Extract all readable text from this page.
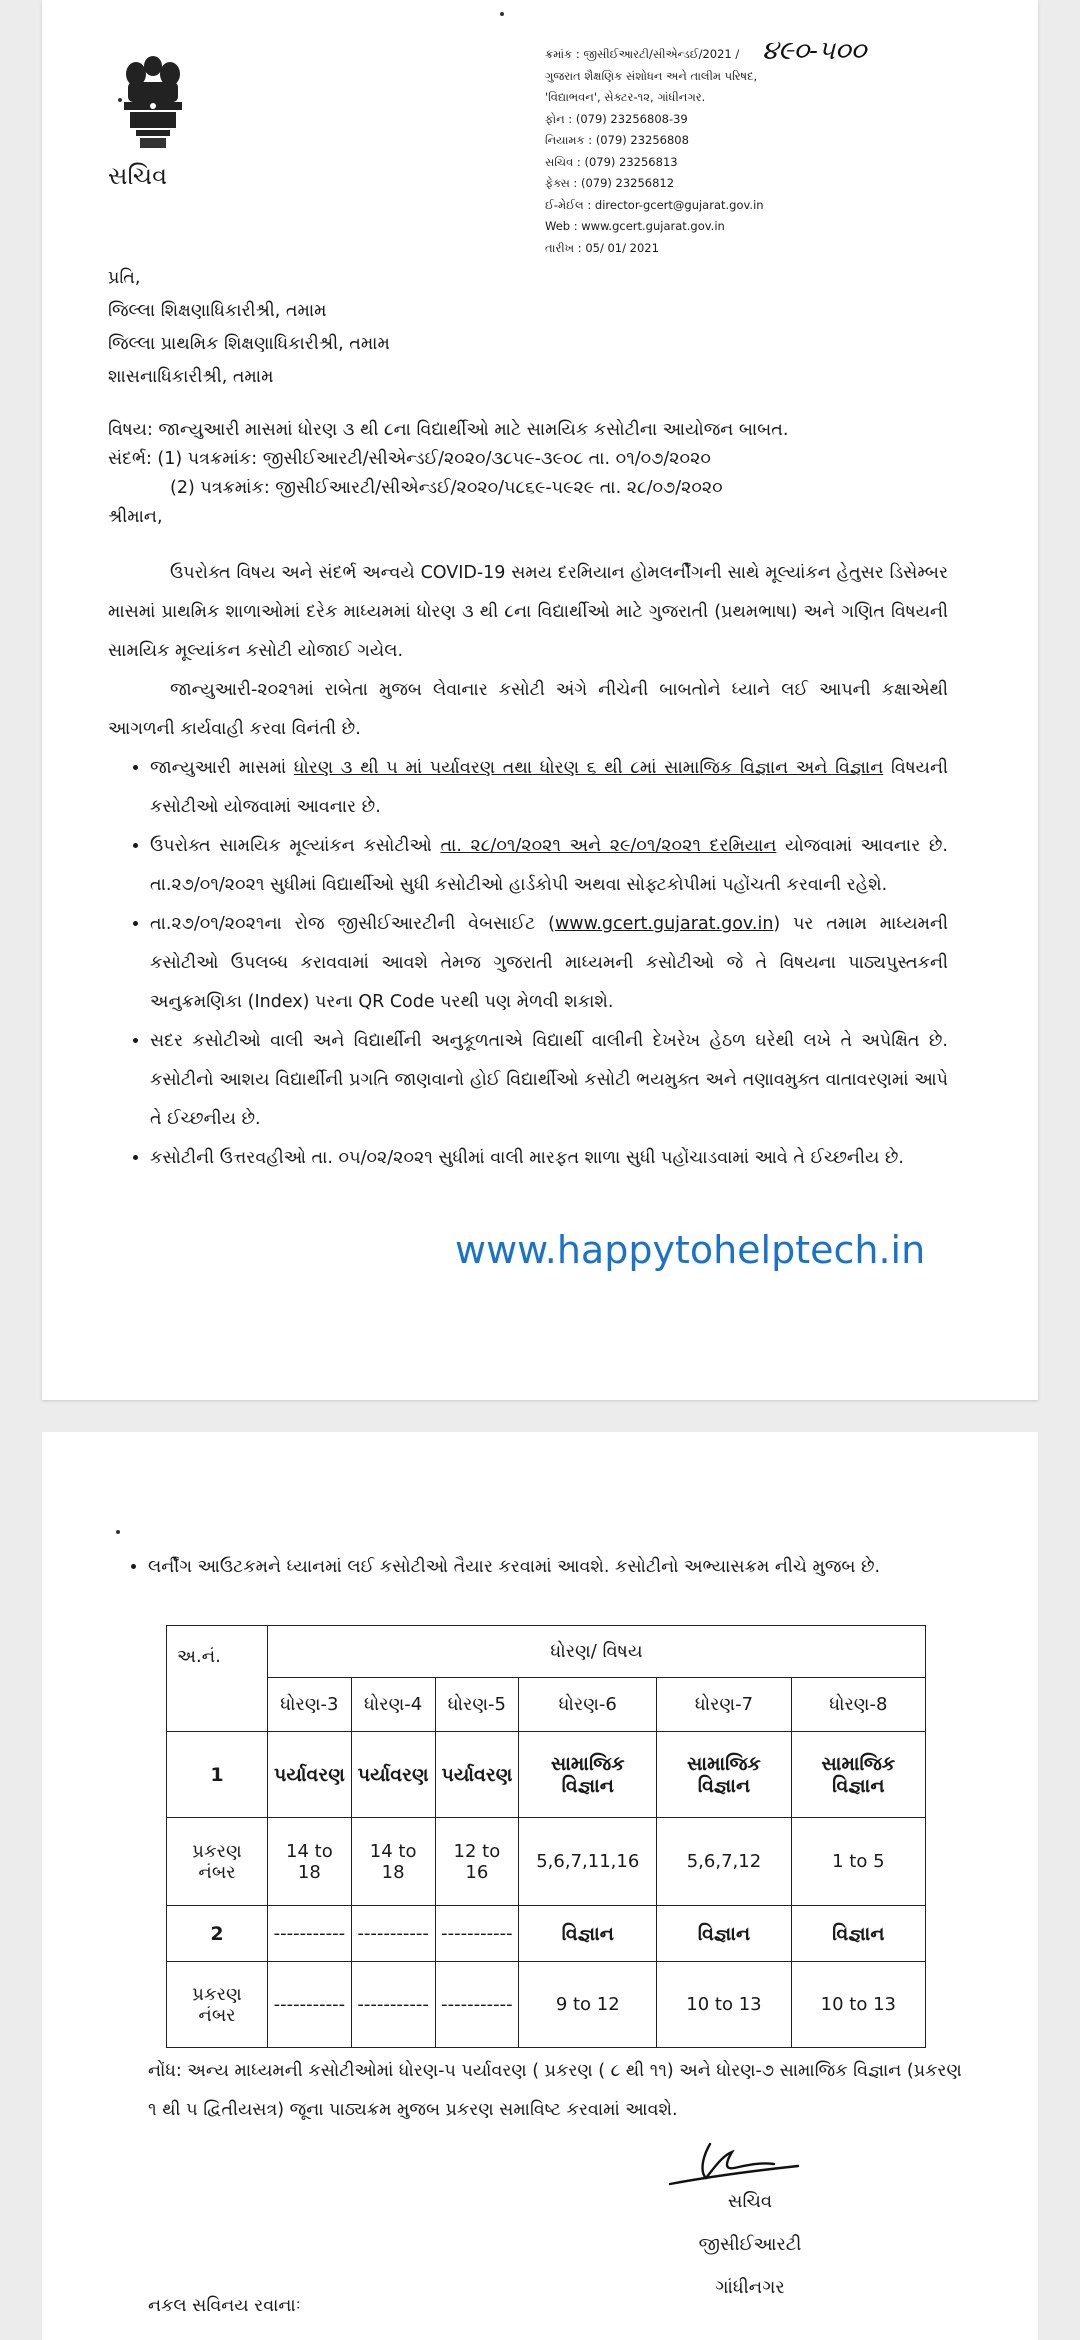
સચિવ
ક્રમાંક : જીસીઈઆરટી/સીએન્ડઈ/2021 /
ગુજરાત શૈક્ષણિક સંશોધન અને તાલીમ પરિષદ,
'વિદ્યાભવન', સેક્ટર-૧૨, ગાંધીનગર.
ફોન : (079) 23256808-39
નિયામક : (079) 23256808
સચિવ : (079) 23256813
ફેક્સ : (079) 23256812
ઈ-મેઈલ : director-gcert@gujarat.gov.in
Web : www.gcert.gujarat.gov.in
તારીખ : 05/ 01/ 2021
૪૯૦-૫૦૦
પ્રતિ,
જિલ્લા શિક્ષણાધિકારીશ્રી, તમામ
જિલ્લા પ્રાથમિક શિક્ષણાધિકારીશ્રી, તમામ
શાસનાધિકારીશ્રી, તમામ
વિષય: જાન્યુઆરી માસમાં ધોરણ ૩ થી ૮ના વિદ્યાર્થીઓ માટે સામયિક કસોટીના આયોજન બાબત.
સંદર્ભ: (1) પત્રક્રમાંક: જીસીઈઆરટી/સીએન્ડઈ/૨૦૨૦/૩૮૫૯-૩૯૦૮ તા. ૦૧/૦૭/૨૦૨૦
(2) પત્રક્રમાંક: જીસીઈઆરટી/સીએન્ડઈ/૨૦૨૦/૫૮૬૯-૫૯૨૯ તા. ૨૮/૦૭/૨૦૨૦
શ્રીમાન,
ઉપરોક્ત વિષય અને સંદર્ભ અન્વયે COVID-19 સમય દરમિયાન હોમલર્નીંગની સાથે મૂલ્યાંકન હેતુસર ડિસેમ્બર માસમાં પ્રાથમિક શાળાઓમાં દરેક માધ્યમમાં ધોરણ ૩ થી ૮ના વિદ્યાર્થીઓ માટે ગુજરાતી (પ્રથમભાષા) અને ગણિત વિષયની સામયિક મૂલ્યાંકન કસોટી યોજાઈ ગયેલ.
જાન્યુઆરી-૨૦૨૧માં રાબેતા મુજબ લેવાનાર કસોટી અંગે નીચેની બાબતોને ધ્યાને લઈ આપની કક્ષાએથી આગળની કાર્યવાહી કરવા વિનંતી છે.
• જાન્યુઆરી માસમાં ધોરણ ૩ થી ૫ માં પર્યાવરણ તથા ધોરણ ૬ થી ૮માં સામાજિક વિજ્ઞાન અને વિજ્ઞાન વિષયની કસોટીઓ યોજવામાં આવનાર છે.
• ઉપરોક્ત સામયિક મૂલ્યાંકન કસોટીઓ તા. ૨૮/૦૧/૨૦૨૧ અને ૨૯/૦૧/૨૦૨૧ દરમિયાન યોજવામાં આવનાર છે. તા.૨૭/૦૧/૨૦૨૧ સુધીમાં વિદ્યાર્થીઓ સુધી કસોટીઓ હાર્ડકોપી અથવા સોફ્ટકોપીમાં પહોંચતી કરવાની રહેશે.
• તા.૨૭/૦૧/૨૦૨૧ના રોજ જીસીઈઆરટીની વેબસાઈટ (www.gcert.gujarat.gov.in) પર તમામ માધ્યમની કસોટીઓ ઉપલબ્ધ કરાવવામાં આવશે તેમજ ગુજરાતી માધ્યમની કસોટીઓ જે તે વિષયના પાઠ્યપુસ્તકની અનુક્રમણિકા (Index) પરના QR Code પરથી પણ મેળવી શકાશે.
• સદર કસોટીઓ વાલી અને વિદ્યાર્થીની અનુકૂળતાએ વિદ્યાર્થી વાલીની દેખરેખ હેઠળ ઘરેથી લખે તે અપેક્ષિત છે. કસોટીનો આશય વિદ્યાર્થીની પ્રગતિ જાણવાનો હોઈ વિદ્યાર્થીઓ કસોટી ભયમુક્ત અને તણાવમુક્ત વાતાવરણમાં આપે તે ઈચ્છનીય છે.
• કસોટીની ઉત્તરવહીઓ તા. ૦૫/૦૨/૨૦૨૧ સુધીમાં વાલી મારફત શાળા સુધી પહોંચાડવામાં આવે તે ઈચ્છનીય છે.
www.happytohelptech.in
• લર્નીંગ આઉટકમને ધ્યાનમાં લઈ કસોટીઓ તૈયાર કરવામાં આવશે. કસોટીનો અભ્યાસક્રમ નીચે મુજબ છે.
અ.નં.	ધોરણ/ વિષય					
	ધોરણ-3	ધોરણ-4	ધોરણ-5	ધોરણ-6	ધોરણ-7	ધોરણ-8
1	પર્યાવરણ	પર્યાવરણ	પર્યાવરણ	સામાજિક વિજ્ઞાન	સામાજિક વિજ્ઞાન	સામાજિક વિજ્ઞાન
પ્રકરણ નંબર	14 to 18	14 to 18	12 to 16	5,6,7,11,16	5,6,7,12	1 to 5
2	-----------	-----------	-----------	વિજ્ઞાન	વિજ્ઞાન	વિજ્ઞાન
પ્રકરણ નંબર	-----------	-----------	-----------	9 to 12	10 to 13	10 to 13
નોંધ: અન્ય માધ્યમની કસોટીઓમાં ધોરણ-૫ પર્યાવરણ ( પ્રકરણ ( ૮ થી ૧૧) અને ધોરણ-૭ સામાજિક વિજ્ઞાન (પ્રકરણ ૧ થી ૫ દ્વિતીયસત્ર) જૂના પાઠ્યક્રમ મુજબ પ્રકરણ સમાવિષ્ટ કરવામાં આવશે.
સચિવ
જીસીઈઆરટી
ગાંધીનગર
નકલ સવિનય રવાનાઃ
